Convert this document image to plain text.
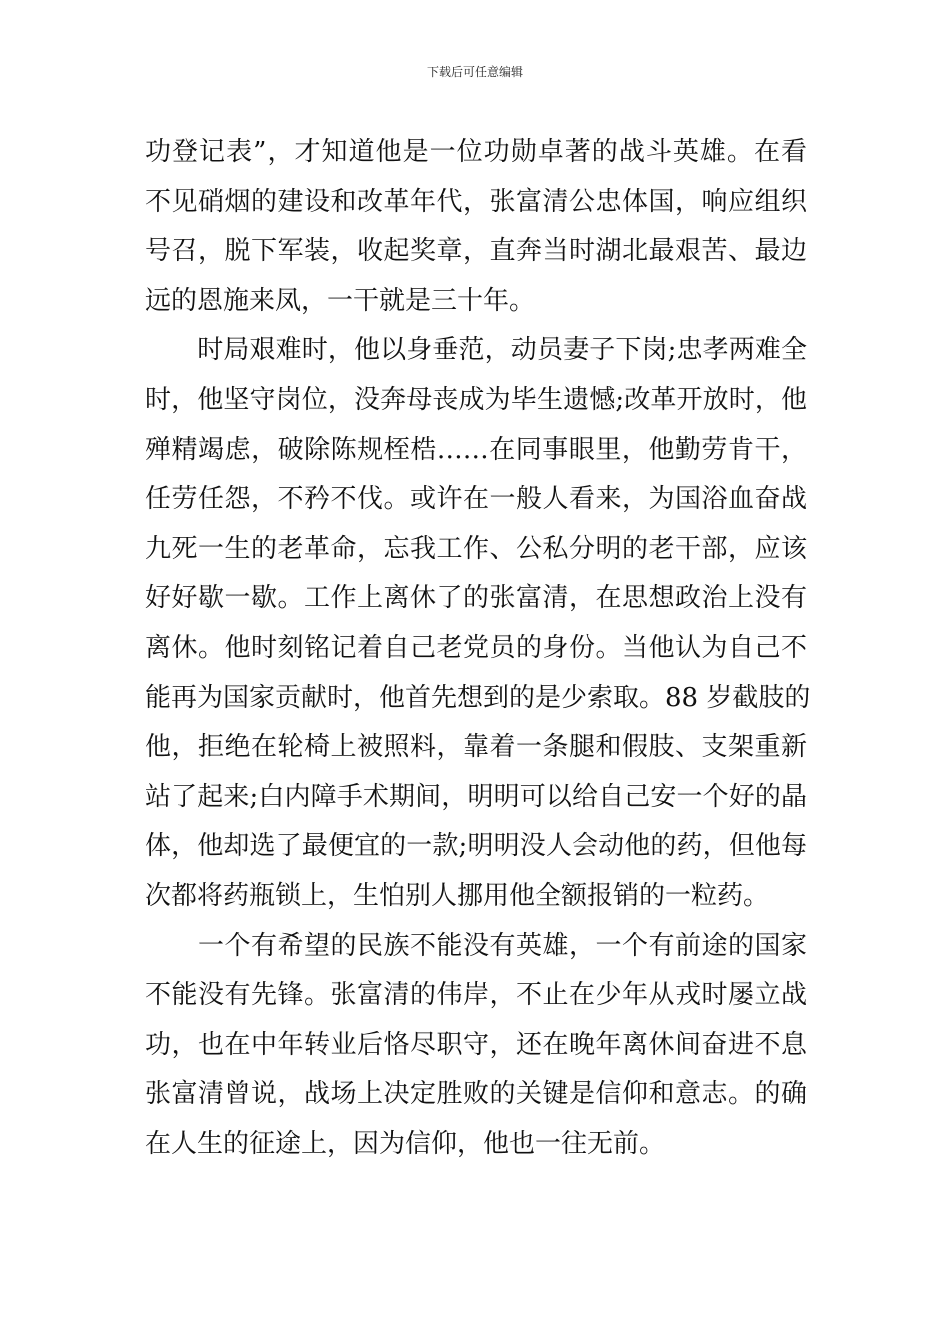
下载后可任意编辑
功登记表”，才知道他是一位功勋卓著的战斗英雄。在看
不见硝烟的建设和改革年代，张富清公忠体国，响应组织
号召，脱下军装，收起奖章，直奔当时湖北最艰苦、最边
远的恩施来凤，一干就是三十年。
　　时局艰难时，他以身垂范，动员妻子下岗;忠孝两难全
时，他坚守岗位，没奔母丧成为毕生遗憾;改革开放时，他
殚精竭虑，破除陈规桎梏……在同事眼里，他勤劳肯干，
任劳任怨，不矜不伐。或许在一般人看来，为国浴血奋战
九死一生的老革命，忘我工作、公私分明的老干部，应该
好好歇一歇。工作上离休了的张富清，在思想政治上没有
离休。他时刻铭记着自己老党员的身份。当他认为自己不
能再为国家贡献时，他首先想到的是少索取。88 岁截肢的
他，拒绝在轮椅上被照料，靠着一条腿和假肢、支架重新
站了起来;白内障手术期间，明明可以给自己安一个好的晶
体，他却选了最便宜的一款;明明没人会动他的药，但他每
次都将药瓶锁上，生怕别人挪用他全额报销的一粒药。
　　一个有希望的民族不能没有英雄，一个有前途的国家
不能没有先锋。张富清的伟岸，不止在少年从戎时屡立战
功，也在中年转业后恪尽职守，还在晚年离休间奋进不息
张富清曾说，战场上决定胜败的关键是信仰和意志。的确
在人生的征途上，因为信仰，他也一往无前。
